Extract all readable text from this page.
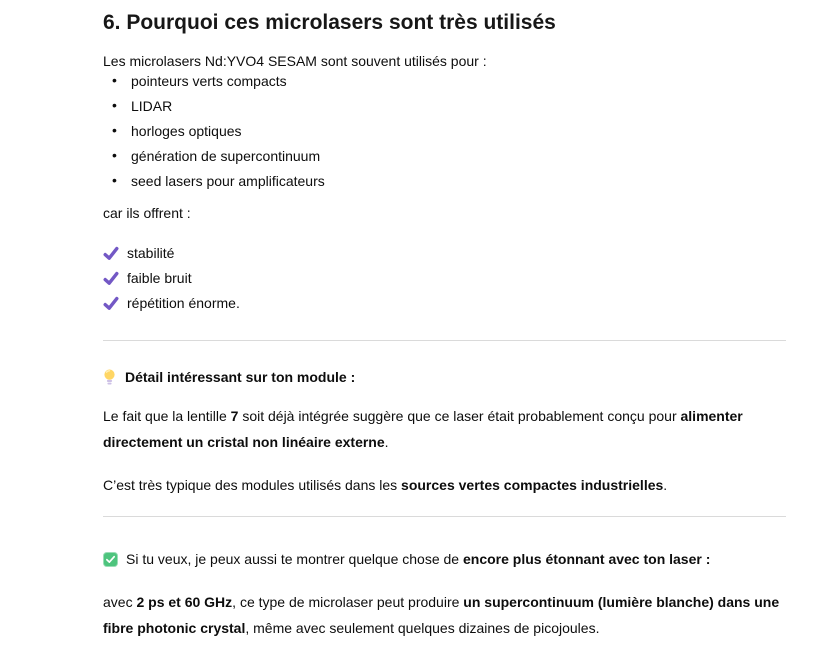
6. Pourquoi ces microlasers sont très utilisés

Les microlasers Nd:YVO4 SESAM sont souvent utilisés pour :

• pointeurs verts compacts
• LIDAR
• horloges optiques
• génération de supercontinuum
• seed lasers pour amplificateurs

car ils offrent :

stabilité
faible bruit
répétition énorme.

Détail intéressant sur ton module :

Le fait que la lentille 7 soit déjà intégrée suggère que ce laser était probablement conçu pour alimenter directement un cristal non linéaire externe.

C’est très typique des modules utilisés dans les sources vertes compactes industrielles.

Si tu veux, je peux aussi te montrer quelque chose de encore plus étonnant avec ton laser :

avec 2 ps et 60 GHz, ce type de microlaser peut produire un supercontinuum (lumière blanche) dans une fibre photonic crystal, même avec seulement quelques dizaines de picojoules.
